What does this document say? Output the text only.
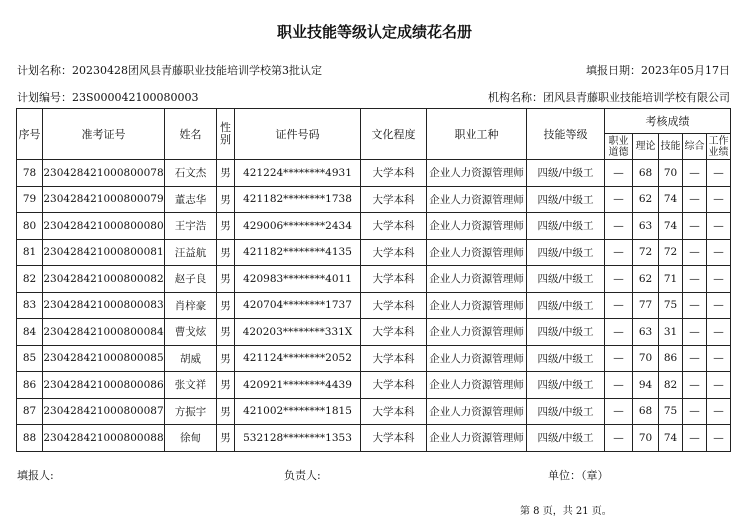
职业技能等级认定成绩花名册
计划名称：20230428团风县青藤职业技能培训学校第3批认定	填报日期：2023年05月17日
计划编号：23S000042100080003	机构名称：团风县青藤职业技能培训学校有限公司
序号	准考证号	姓名	性别	证件号码	文化程度	职业工种	技能等级	考核成绩				
								职业道德	理论	技能	综合	工作业绩
78	230428421000800078	石文杰	男	421224********4931	大学本科	企业人力资源管理师	四级/中级工	—	68	70	—	—
79	230428421000800079	董志华	男	421182********1738	大学本科	企业人力资源管理师	四级/中级工	—	62	74	—	—
80	230428421000800080	王宇浩	男	429006********2434	大学本科	企业人力资源管理师	四级/中级工	—	63	74	—	—
81	230428421000800081	汪益航	男	421182********4135	大学本科	企业人力资源管理师	四级/中级工	—	72	72	—	—
82	230428421000800082	赵子良	男	420983********4011	大学本科	企业人力资源管理师	四级/中级工	—	62	71	—	—
83	230428421000800083	肖梓豪	男	420704********1737	大学本科	企业人力资源管理师	四级/中级工	—	77	75	—	—
84	230428421000800084	曹戈炫	男	420203********331X	大学本科	企业人力资源管理师	四级/中级工	—	63	31	—	—
85	230428421000800085	胡威	男	421124********2052	大学本科	企业人力资源管理师	四级/中级工	—	70	86	—	—
86	230428421000800086	张文祥	男	420921********4439	大学本科	企业人力资源管理师	四级/中级工	—	94	82	—	—
87	230428421000800087	方振宇	男	421002********1815	大学本科	企业人力资源管理师	四级/中级工	—	68	75	—	—
88	230428421000800088	徐甸	男	532128********1353	大学本科	企业人力资源管理师	四级/中级工	—	70	74	—	—
填报人:	负责人:	单位：（章）
第 8 页，共 21 页。
